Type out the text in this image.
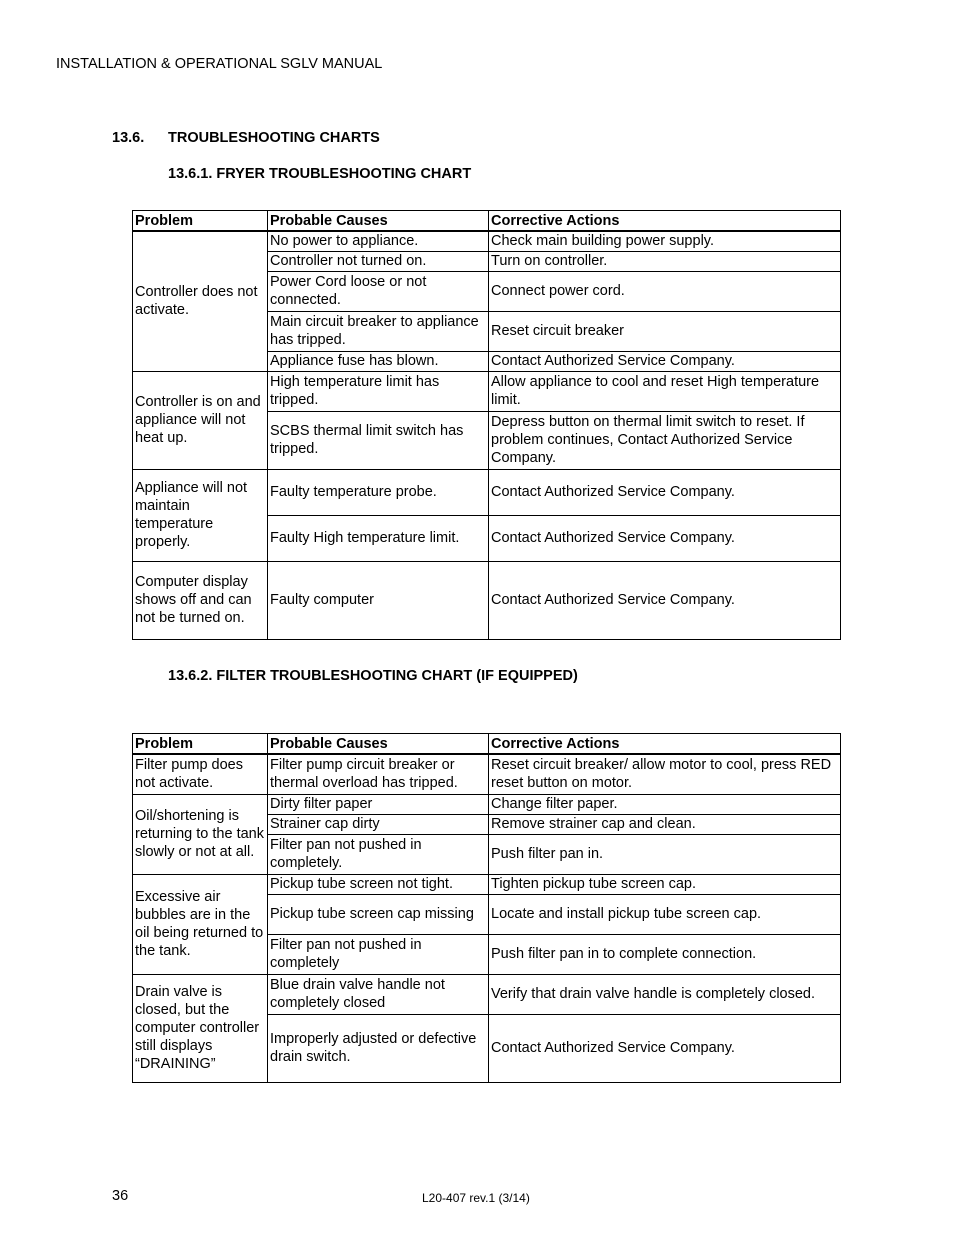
INSTALLATION & OPERATIONAL SGLV MANUAL
13.6. TROUBLESHOOTING CHARTS
13.6.1. FRYER TROUBLESHOOTING CHART
Problem	Probable Causes	Corrective Actions
Controller does not activate.	No power to appliance.	Check main building power supply.
	Controller not turned on.	Turn on controller.
	Power Cord loose or not connected.	Connect power cord.
	Main circuit breaker to appliance has tripped.	Reset circuit breaker
	Appliance fuse has blown.	Contact Authorized Service Company.
Controller is on and appliance will not heat up.	High temperature limit has tripped.	Allow appliance to cool and reset High temperature limit.
	SCBS thermal limit switch has tripped.	Depress button on thermal limit switch to reset. If problem continues, Contact Authorized Service Company.
Appliance will not maintain temperature properly.	Faulty temperature probe.	Contact Authorized Service Company.
	Faulty High temperature limit.	Contact Authorized Service Company.
Computer display shows off and can not be turned on.	Faulty computer	Contact Authorized Service Company.
13.6.2. FILTER TROUBLESHOOTING CHART (IF EQUIPPED)
Problem	Probable Causes	Corrective Actions
Filter pump does not activate.	Filter pump circuit breaker or thermal overload has tripped.	Reset circuit breaker/ allow motor to cool, press RED reset button on motor.
Oil/shortening is returning to the tank slowly or not at all.	Dirty filter paper	Change filter paper.
	Strainer cap dirty	Remove strainer cap and clean.
	Filter pan not pushed in completely.	Push filter pan in.
Excessive air bubbles are in the oil being returned to the tank.	Pickup tube screen not tight.	Tighten pickup tube screen cap.
	Pickup tube screen cap missing	Locate and install pickup tube screen cap.
	Filter pan not pushed in completely	Push filter pan in to complete connection.
Drain valve is closed, but the computer controller still displays “DRAINING”	Blue drain valve handle not completely closed	Verify that drain valve handle is completely closed.
	Improperly adjusted or defective drain switch.	Contact Authorized Service Company.
36	L20-407 rev.1 (3/14)
